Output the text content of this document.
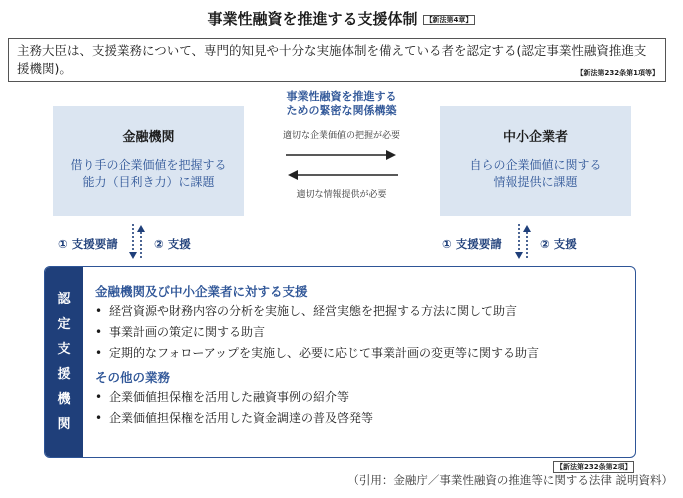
事業性融資を推進する支援体制 【新法第4章】
主務大臣は、支援業務について、専門的知見や十分な実施体制を備えている者を認定する(認定事業性融資推進支援機関)。	【新法第232条第1項等】
金融機関
借り手の企業価値を把握する
能力（目利き力）に課題
中小企業者
自らの企業価値に関する
情報提供に課題
事業性融資を推進する
ための緊密な関係構築
適切な企業価値の把握が必要
適切な情報提供が必要
① 支援要請	② 支援	① 支援要請	② 支援
認
定
支
援
機
関
金融機関及び中小企業者に対する支援
• 経営資源や財務内容の分析を実施し、経営実態を把握する方法に関して助言
• 事業計画の策定に関する助言
• 定期的なフォローアップを実施し、必要に応じて事業計画の変更等に関する助言
その他の業務
• 企業価値担保権を活用した融資事例の紹介等
• 企業価値担保権を活用した資金調達の普及啓発等
【新法第232条第2項】
（引用：金融庁／事業性融資の推進等に関する法律 説明資料）
